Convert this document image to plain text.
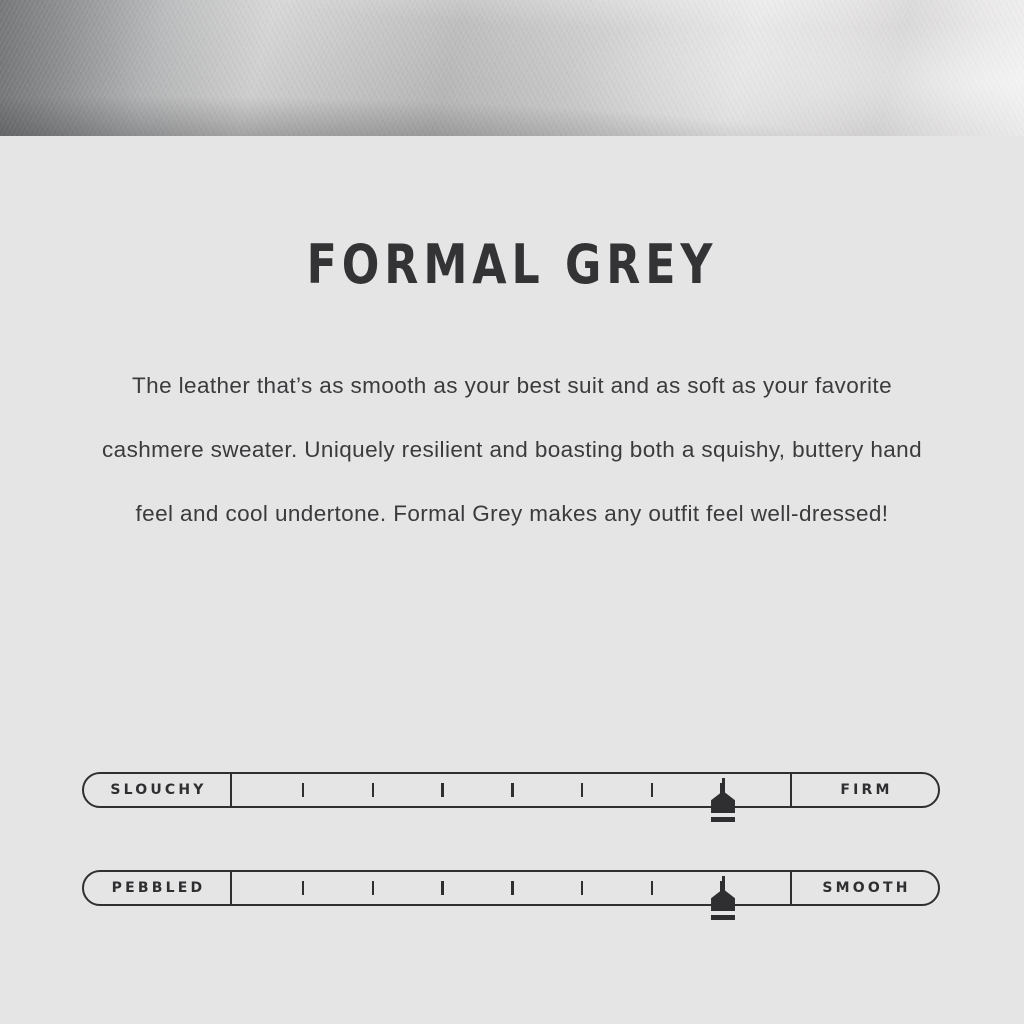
FORMAL GREY
The leather that’s as smooth as your best suit and as soft as your favorite cashmere sweater. Uniquely resilient and boasting both a squishy, buttery hand feel and cool undertone. Formal Grey makes any outfit feel well-dressed!
SLOUCHY	FIRM
PEBBLED	SMOOTH
